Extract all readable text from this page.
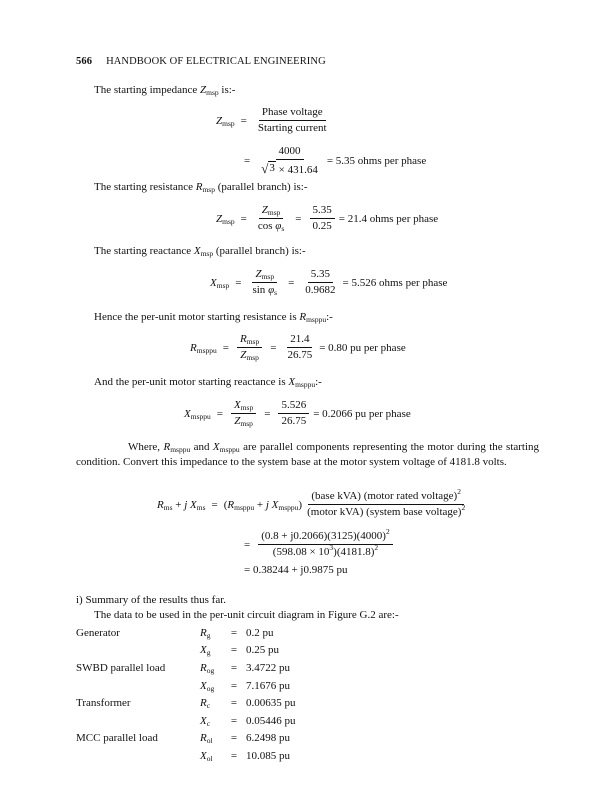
566 HANDBOOK OF ELECTRICAL ENGINEERING
The starting impedance $Z_{msp}$ is:-
$Z_{msp} = \frac{\text{Phase voltage}}{\text{Starting current}}$
= $\frac{4000}{√ 3 \times 431.64} = 5.35$ ohms per phase
The starting resistance $R_{msp}$ (parallel branch) is:-
$Z_{msp} = \frac{Z_{msp}}{\cos \varphi_s} = \frac{5.35}{0.25} = 21.4$ ohms per phase
The starting reactance $X_{msp}$ (parallel branch) is:-
$X_{msp} = \frac{Z_{msp}}{\sin \varphi_s} = \frac{5.35}{0.9682} = 5.526$ ohms per phase
Hence the per-unit motor starting resistance is $R_{msppu}:-$
$R_{msppu} = \frac{R_{msp}}{Z_{msp}} = \frac{21.4}{26.75} = 0.80$ pu per phase
And the per-unit motor starting reactance is $X_{msppu}:-$
$X_{msppu} = \frac{X_{msp}}{Z_{msp}} = \frac{5.526}{26.75} = 0.2066$ pu per phase
Where, $R_{msppu}$ and $X_{msppu}$ are parallel components representing the motor during the starting condition. Convert this impedance to the system base at the motor system voltage of 4181.8 volts.
$R_{ms} + j$ $X_{ms} = (R_{msppu} + j$ $X_{msppu}) \frac{(base kVA) (motor rated voltage)^2}{(motor kVA) (system base voltage)^2}$
= $\frac{(0.8 + j0.2066)(3125)(4000)^2}{(598.08 \times 10^3)(4181.8)^2}$
= 0.38244 + j0.9875 pu
i) Summary of the results thus far.
The data to be used in the per-unit circuit diagram in Figure G.2 are:-
Generator	$R_g$	=	0.2 pu
	$X_g$	=	0.25 pu
SWBD parallel load	$R_{og}$	=	3.4722 pu
	$X_{og}$	=	7.1676 pu
Transformer	$R_c$	=	0.00635 pu
	$X_c$	=	0.05446 pu
MCC parallel load	$R_{ol}$	=	6.2498 pu
	$X_{ol}$	=	10.085 pu
